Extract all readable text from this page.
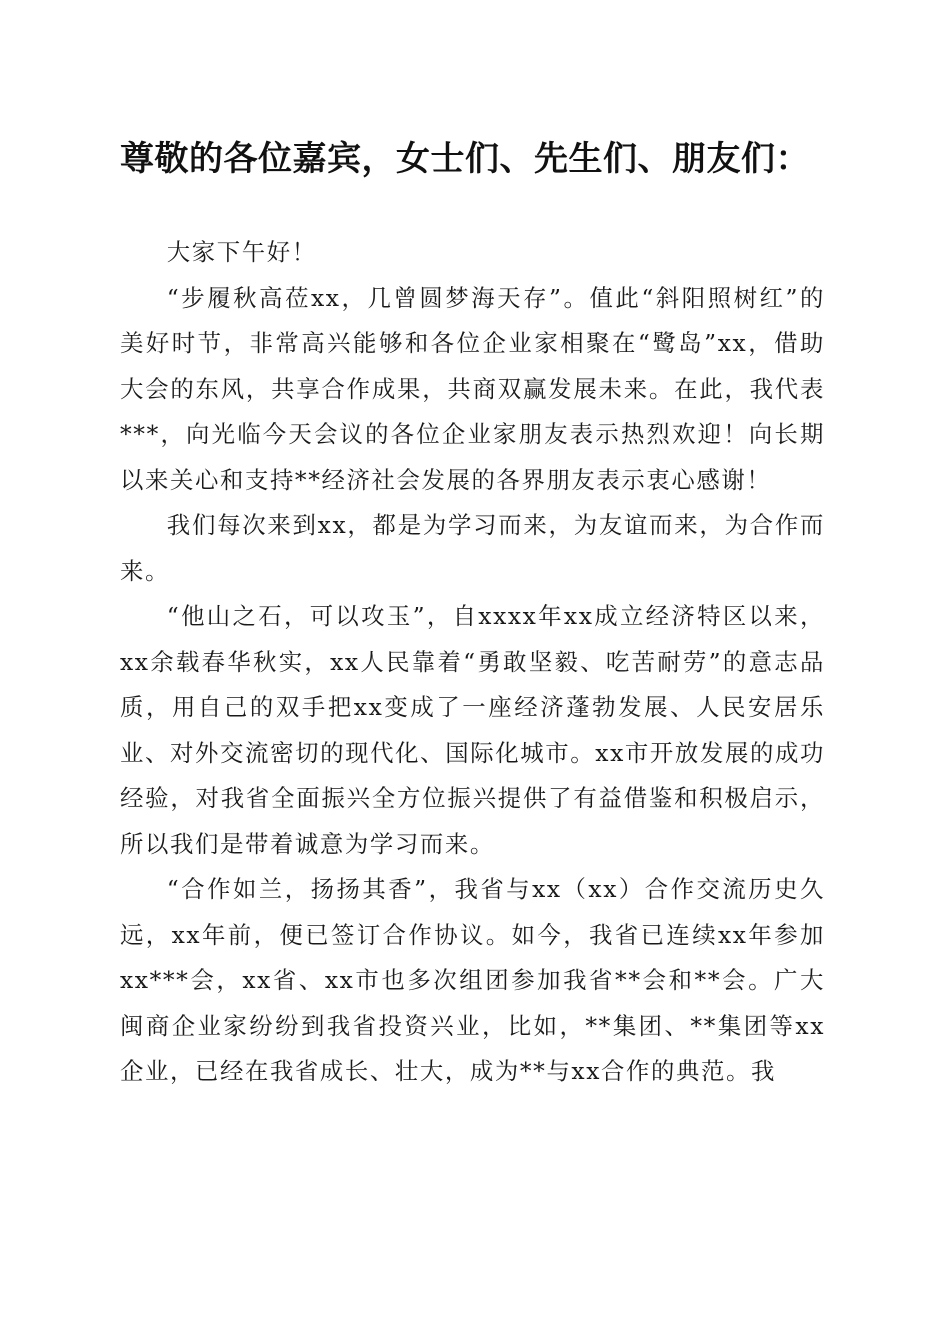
尊敬的各位嘉宾，女士们、先生们、朋友们：

大家下午好！

“步履秋高莅xx，几曾圆梦海天存”。值此“斜阳照树红”的美好时节，非常高兴能够和各位企业家相聚在“鹭岛”xx，借助大会的东风，共享合作成果，共商双赢发展未来。在此，我代表***，向光临今天会议的各位企业家朋友表示热烈欢迎！向长期以来关心和支持**经济社会发展的各界朋友表示衷心感谢！

我们每次来到xx，都是为学习而来，为友谊而来，为合作而来。

“他山之石，可以攻玉”，自xxxx年xx成立经济特区以来，xx余载春华秋实，xx人民靠着“勇敢坚毅、吃苦耐劳”的意志品质，用自己的双手把xx变成了一座经济蓬勃发展、人民安居乐业、对外交流密切的现代化、国际化城市。xx市开放发展的成功经验，对我省全面振兴全方位振兴提供了有益借鉴和积极启示，所以我们是带着诚意为学习而来。

“合作如兰，扬扬其香”，我省与xx（xx）合作交流历史久远，xx年前，便已签订合作协议。如今，我省已连续xx年参加xx***会，xx省、xx市也多次组团参加我省**会和**会。广大闽商企业家纷纷到我省投资兴业，比如，**集团、**集团等xx企业，已经在我省成长、壮大，成为**与xx合作的典范。我
